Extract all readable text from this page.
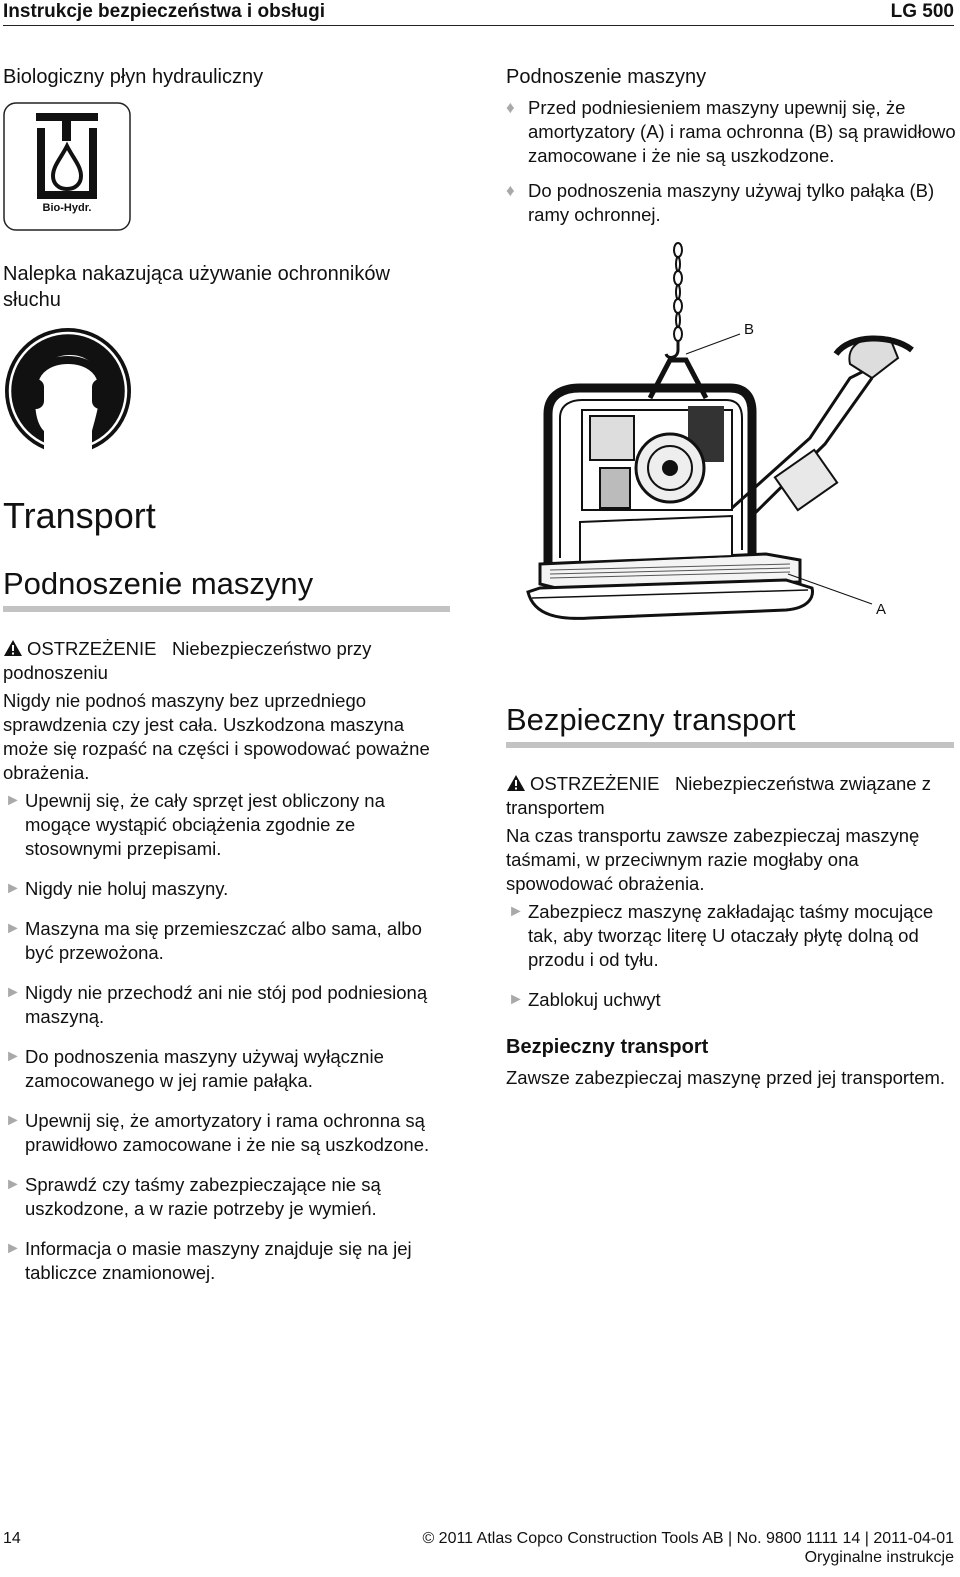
Instrukcje bezpieczeństwa i obsługi	LG 500
Biologiczny płyn hydrauliczny
Bio-Hydr.
Nalepka nakazująca używanie ochronników
słuchu
Podnoszenie maszyny
♦ Przed podniesieniem maszyny upewnij się, że amortyzatory (A) i rama ochronna (B) są prawidłowo zamocowane i że nie są uszkodzone.
♦ Do podnoszenia maszyny używaj tylko pałąka (B) ramy ochronnej.
B
A
Transport
Podnoszenie maszyny
OSTRZEŻENIE Niebezpieczeństwo przy podnoszeniu
Nigdy nie podnoś maszyny bez uprzedniego sprawdzenia czy jest cała. Uszkodzona maszyna może się rozpaść na części i spowodować poważne obrażenia.
► Upewnij się, że cały sprzęt jest obliczony na mogące wystąpić obciążenia zgodnie ze stosownymi przepisami.
► Nigdy nie holuj maszyny.
► Maszyna ma się przemieszczać albo sama, albo być przewożona.
► Nigdy nie przechodź ani nie stój pod podniesioną maszyną.
► Do podnoszenia maszyny używaj wyłącznie zamocowanego w jej ramie pałąka.
► Upewnij się, że amortyzatory i rama ochronna są prawidłowo zamocowane i że nie są uszkodzone.
► Sprawdź czy taśmy zabezpieczające nie są uszkodzone, a w razie potrzeby je wymień.
► Informacja o masie maszyny znajduje się na jej tabliczce znamionowej.
Bezpieczny transport
OSTRZEŻENIE Niebezpieczeństwa związane z transportem
Na czas transportu zawsze zabezpieczaj maszynę taśmami, w przeciwnym razie mogłaby ona spowodować obrażenia.
► Zabezpiecz maszynę zakładając taśmy mocujące tak, aby tworząc literę U otaczały płytę dolną od przodu i od tyłu.
► Zablokuj uchwyt
Bezpieczny transport
Zawsze zabezpieczaj maszynę przed jej transportem.
14	© 2011 Atlas Copco Construction Tools AB | No. 9800 1111 14 | 2011-04-01
Oryginalne instrukcje
